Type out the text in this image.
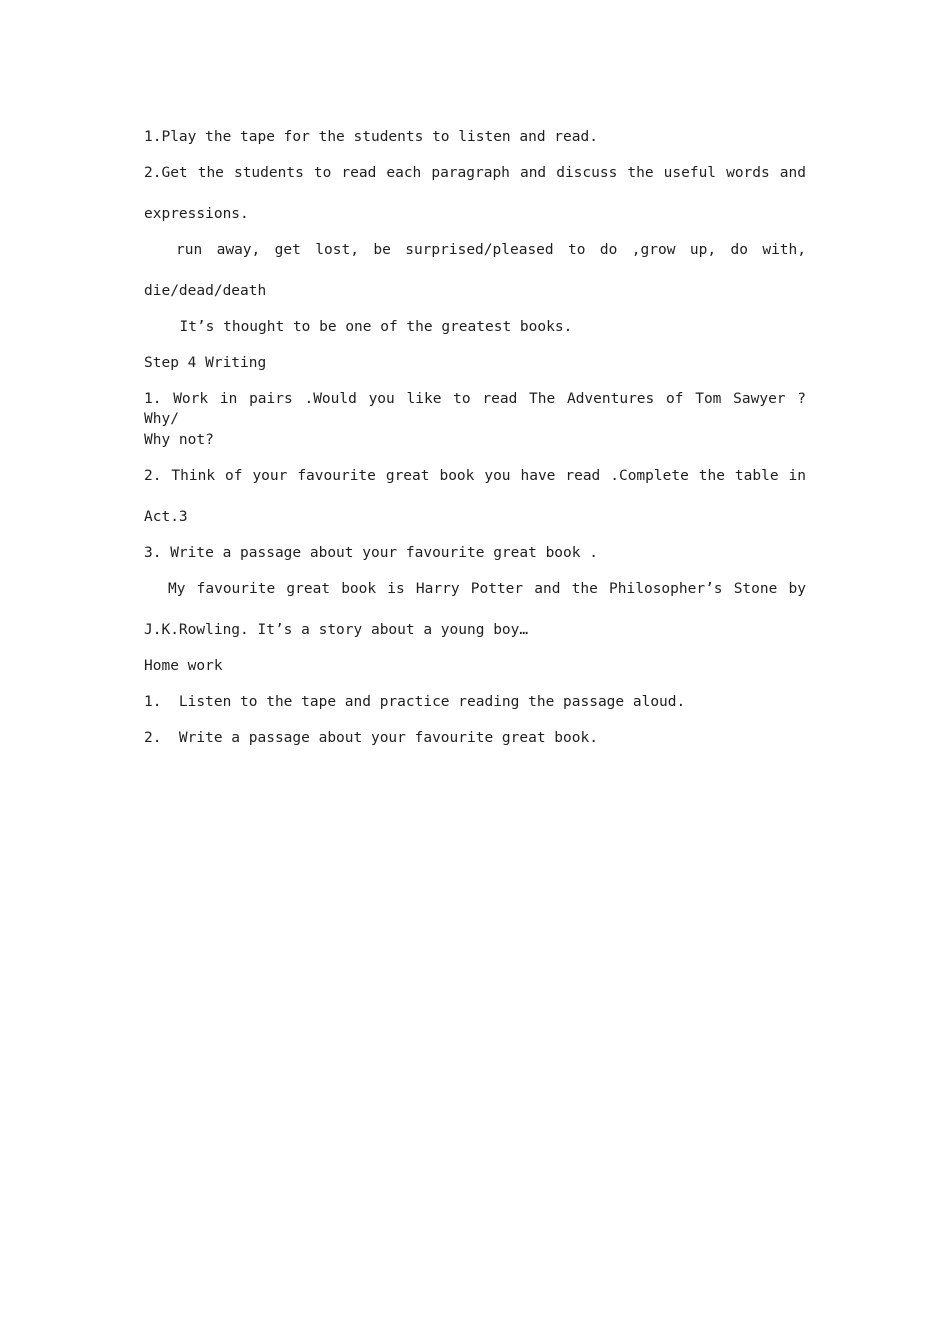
1.Play the tape for the students to listen and read.
2.Get the students to read each paragraph and discuss the useful words and
expressions.
run away, get lost, be surprised/pleased to do ,grow up, do with,
die/dead/death
It’s thought to be one of the greatest books.
Step 4 Writing
1. Work in pairs .Would you like to read The Adventures of Tom Sawyer ? Why/
Why not?
2. Think of your favourite great book you have read .Complete the table in
Act.3
3. Write a passage about your favourite great book .
My favourite great book is Harry Potter and the Philosopher’s Stone by
J.K.Rowling. It’s a story about a young boy…
Home work
1.  Listen to the tape and practice reading the passage aloud.
2.  Write a passage about your favourite great book.
